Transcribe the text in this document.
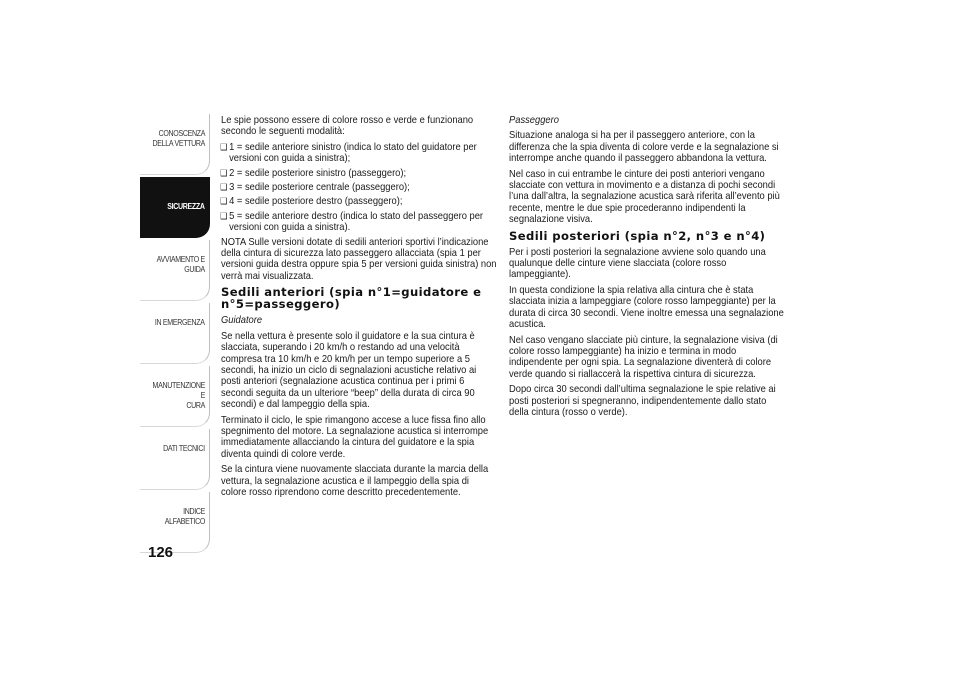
CONOSCENZA
DELLA VETTURA
SICUREZZA
AVVIAMENTO E
GUIDA
IN EMERGENZA
MANUTENZIONE E
CURA
DATI TECNICI
INDICE ALFABETICO
126

Le spie possono essere di colore rosso e verde e funzionano secondo le seguenti modalità:

❑ 1 = sedile anteriore sinistro (indica lo stato del guidatore per versioni con guida a sinistra);
❑ 2 = sedile posteriore sinistro (passeggero);
❑ 3 = sedile posteriore centrale (passeggero);
❑ 4 = sedile posteriore destro (passeggero);
❑ 5 = sedile anteriore destro (indica lo stato del passeggero per versioni con guida a sinistra).

NOTA Sulle versioni dotate di sedili anteriori sportivi l’indicazione della cintura di sicurezza lato passeggero allacciata (spia 1 per versioni guida destra oppure spia 5 per versioni guida sinistra) non verrà mai visualizzata.

Sedili anteriori (spia n°1=guidatore e n°5=passeggero)

Guidatore

Se nella vettura è presente solo il guidatore e la sua cintura è slacciata, superando i 20 km/h o restando ad una velocità compresa tra 10 km/h e 20 km/h per un tempo superiore a 5 secondi, ha inizio un ciclo di segnalazioni acustiche relativo ai posti anteriori (segnalazione acustica continua per i primi 6 secondi seguita da un ulteriore “beep” della durata di circa 90 secondi) e dal lampeggio della spia.

Terminato il ciclo, le spie rimangono accese a luce fissa fino allo spegnimento del motore. La segnalazione acustica si interrompe immediatamente allacciando la cintura del guidatore e la spia diventa quindi di colore verde.

Se la cintura viene nuovamente slacciata durante la marcia della vettura, la segnalazione acustica e il lampeggio della spia di colore rosso riprendono come descritto precedentemente.

Passeggero

Situazione analoga si ha per il passeggero anteriore, con la differenza che la spia diventa di colore verde e la segnalazione si interrompe anche quando il passeggero abbandona la vettura.

Nel caso in cui entrambe le cinture dei posti anteriori vengano slacciate con vettura in movimento e a distanza di pochi secondi l’una dall’altra, la segnalazione acustica sarà riferita all’evento più recente, mentre le due spie procederanno indipendenti la segnalazione visiva.

Sedili posteriori (spia n°2, n°3 e n°4)

Per i posti posteriori la segnalazione avviene solo quando una qualunque delle cinture viene slacciata (colore rosso lampeggiante).

In questa condizione la spia relativa alla cintura che è stata slacciata inizia a lampeggiare (colore rosso lampeggiante) per la durata di circa 30 secondi. Viene inoltre emessa una segnalazione acustica.

Nel caso vengano slacciate più cinture, la segnalazione visiva (di colore rosso lampeggiante) ha inizio e termina in modo indipendente per ogni spia. La segnalazione diventerà di colore verde quando si riallaccerà la rispettiva cintura di sicurezza.

Dopo circa 30 secondi dall’ultima segnalazione le spie relative ai posti posteriori si spegneranno, indipendentemente dallo stato della cintura (rosso o verde).
